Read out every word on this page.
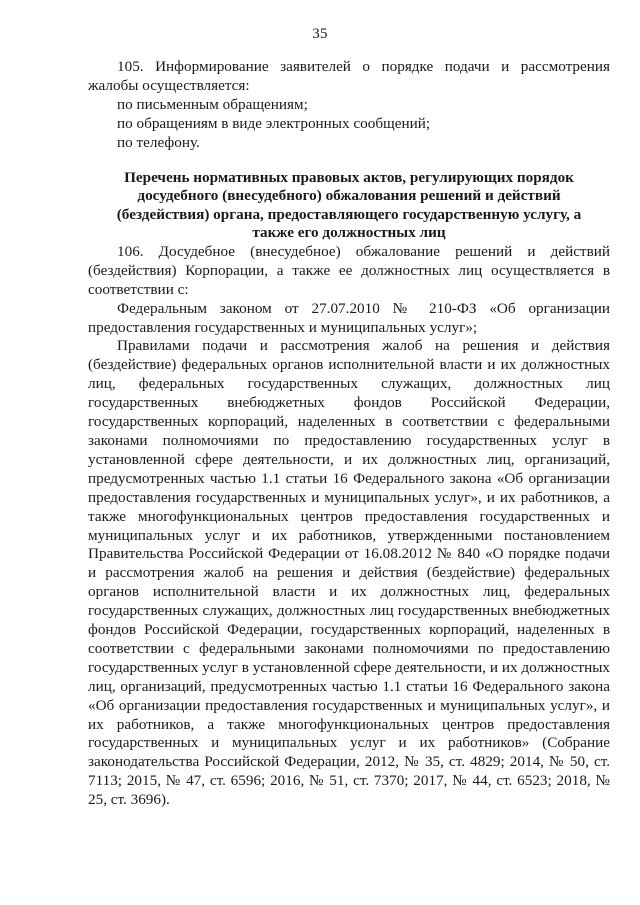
35

105. Информирование заявителей о порядке подачи и рассмотрения жалобы осуществляется:

по письменным обращениям;

по обращениям в виде электронных сообщений;

по телефону.

Перечень нормативных правовых актов, регулирующих порядок досудебного (внесудебного) обжалования решений и действий (бездействия) органа, предоставляющего государственную услугу, а также его должностных лиц

106. Досудебное (внесудебное) обжалование решений и действий (бездействия) Корпорации, а также ее должностных лиц осуществляется в соответствии с:

Федеральным законом от 27.07.2010 № 210-ФЗ «Об организации предоставления государственных и муниципальных услуг»;

Правилами подачи и рассмотрения жалоб на решения и действия (бездействие) федеральных органов исполнительной власти и их должностных лиц, федеральных государственных служащих, должностных лиц государственных внебюджетных фондов Российской Федерации, государственных корпораций, наделенных в соответствии с федеральными законами полномочиями по предоставлению государственных услуг в установленной сфере деятельности, и их должностных лиц, организаций, предусмотренных частью 1.1 статьи 16 Федерального закона «Об организации предоставления государственных и муниципальных услуг», и их работников, а также многофункциональных центров предоставления государственных и муниципальных услуг и их работников, утвержденными постановлением Правительства Российской Федерации от 16.08.2012 № 840 «О порядке подачи и рассмотрения жалоб на решения и действия (бездействие) федеральных органов исполнительной власти и их должностных лиц, федеральных государственных служащих, должностных лиц государственных внебюджетных фондов Российской Федерации, государственных корпораций, наделенных в соответствии с федеральными законами полномочиями по предоставлению государственных услуг в установленной сфере деятельности, и их должностных лиц, организаций, предусмотренных частью 1.1 статьи 16 Федерального закона «Об организации предоставления государственных и муниципальных услуг», и их работников, а также многофункциональных центров предоставления государственных и муниципальных услуг и их работников» (Собрание законодательства Российской Федерации, 2012, № 35, ст. 4829; 2014, № 50, ст. 7113; 2015, № 47, ст. 6596; 2016, № 51, ст. 7370; 2017, № 44, ст. 6523; 2018, № 25, ст. 3696).
